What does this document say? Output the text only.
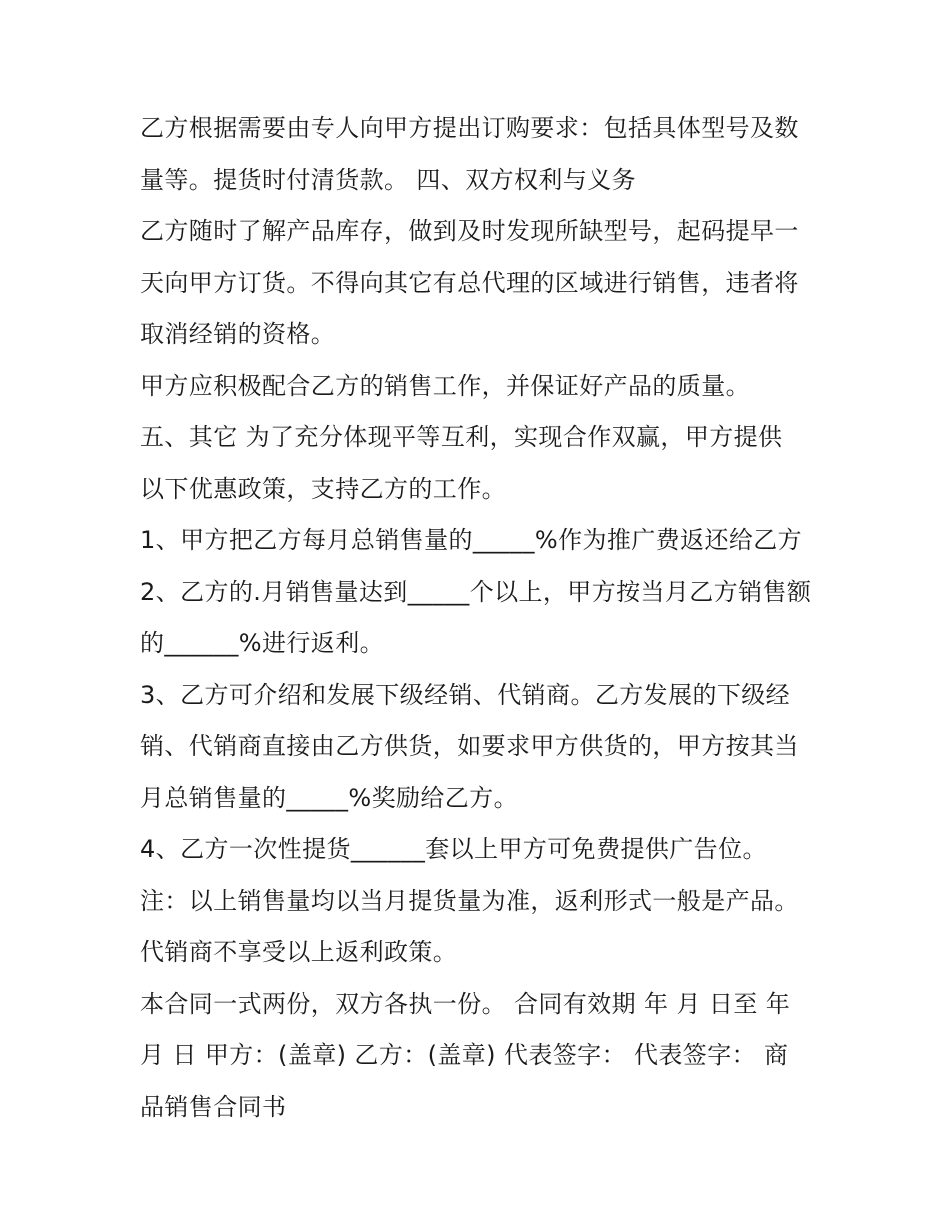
乙方根据需要由专人向甲方提出订购要求：包括具体型号及数
量等。提货时付清货款。 四、双方权利与义务
乙方随时了解产品库存，做到及时发现所缺型号，起码提早一
天向甲方订货。不得向其它有总代理的区域进行销售，违者将
取消经销的资格。
甲方应积极配合乙方的销售工作，并保证好产品的质量。
五、其它 为了充分体现平等互利，实现合作双赢，甲方提供
以下优惠政策，支持乙方的工作。
1、甲方把乙方每月总销售量的_____%作为推广费返还给乙方
2、乙方的.月销售量达到_____个以上，甲方按当月乙方销售额
的______%进行返利。
3、乙方可介绍和发展下级经销、代销商。乙方发展的下级经
销、代销商直接由乙方供货，如要求甲方供货的，甲方按其当
月总销售量的_____%奖励给乙方。
4、乙方一次性提货______套以上甲方可免费提供广告位。
注：以上销售量均以当月提货量为准，返利形式一般是产品。
代销商不享受以上返利政策。
本合同一式两份，双方各执一份。 合同有效期 年 月 日至 年
月 日 甲方：(盖章) 乙方：(盖章) 代表签字： 代表签字： 商
品销售合同书
